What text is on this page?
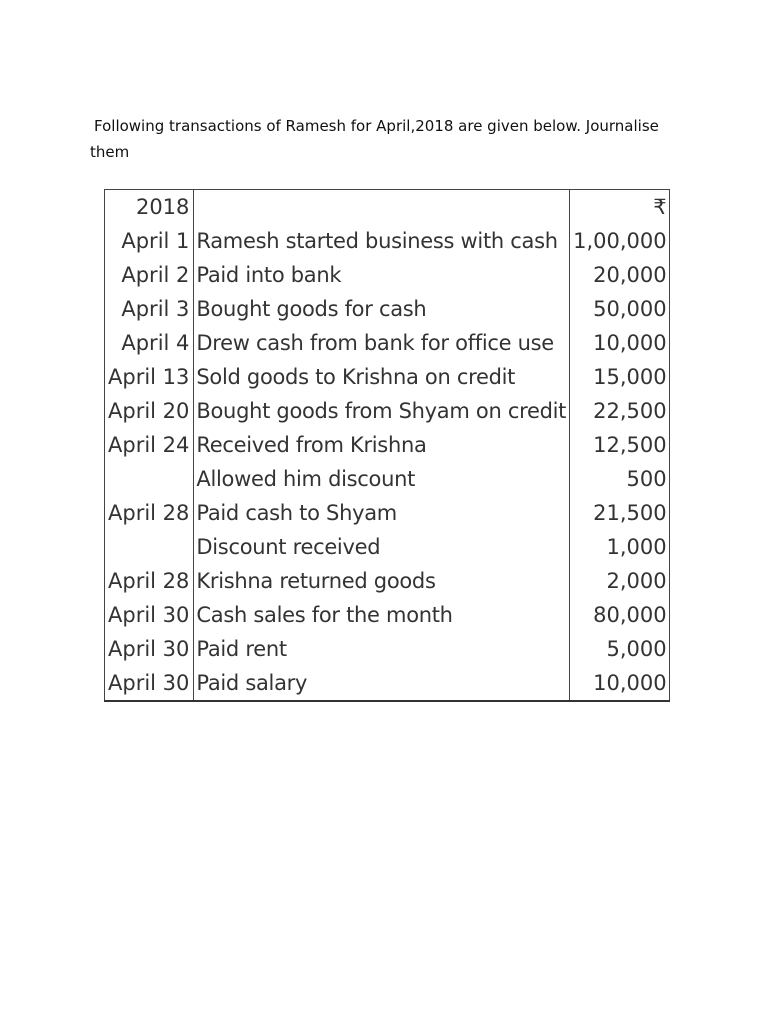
Following transactions of Ramesh for April,2018 are given below. Journalise
them
2018		₹
April 1	Ramesh started business with cash	1,00,000
April 2	Paid into bank	20,000
April 3	Bought goods for cash	50,000
April 4	Drew cash from bank for office use	10,000
April 13	Sold goods to Krishna on credit	15,000
April 20	Bought goods from Shyam on credit	22,500
April 24	Received from Krishna	12,500
	Allowed him discount	500
April 28	Paid cash to Shyam	21,500
	Discount received	1,000
April 28	Krishna returned goods	2,000
April 30	Cash sales for the month	80,000
April 30	Paid rent	5,000
April 30	Paid salary	10,000
